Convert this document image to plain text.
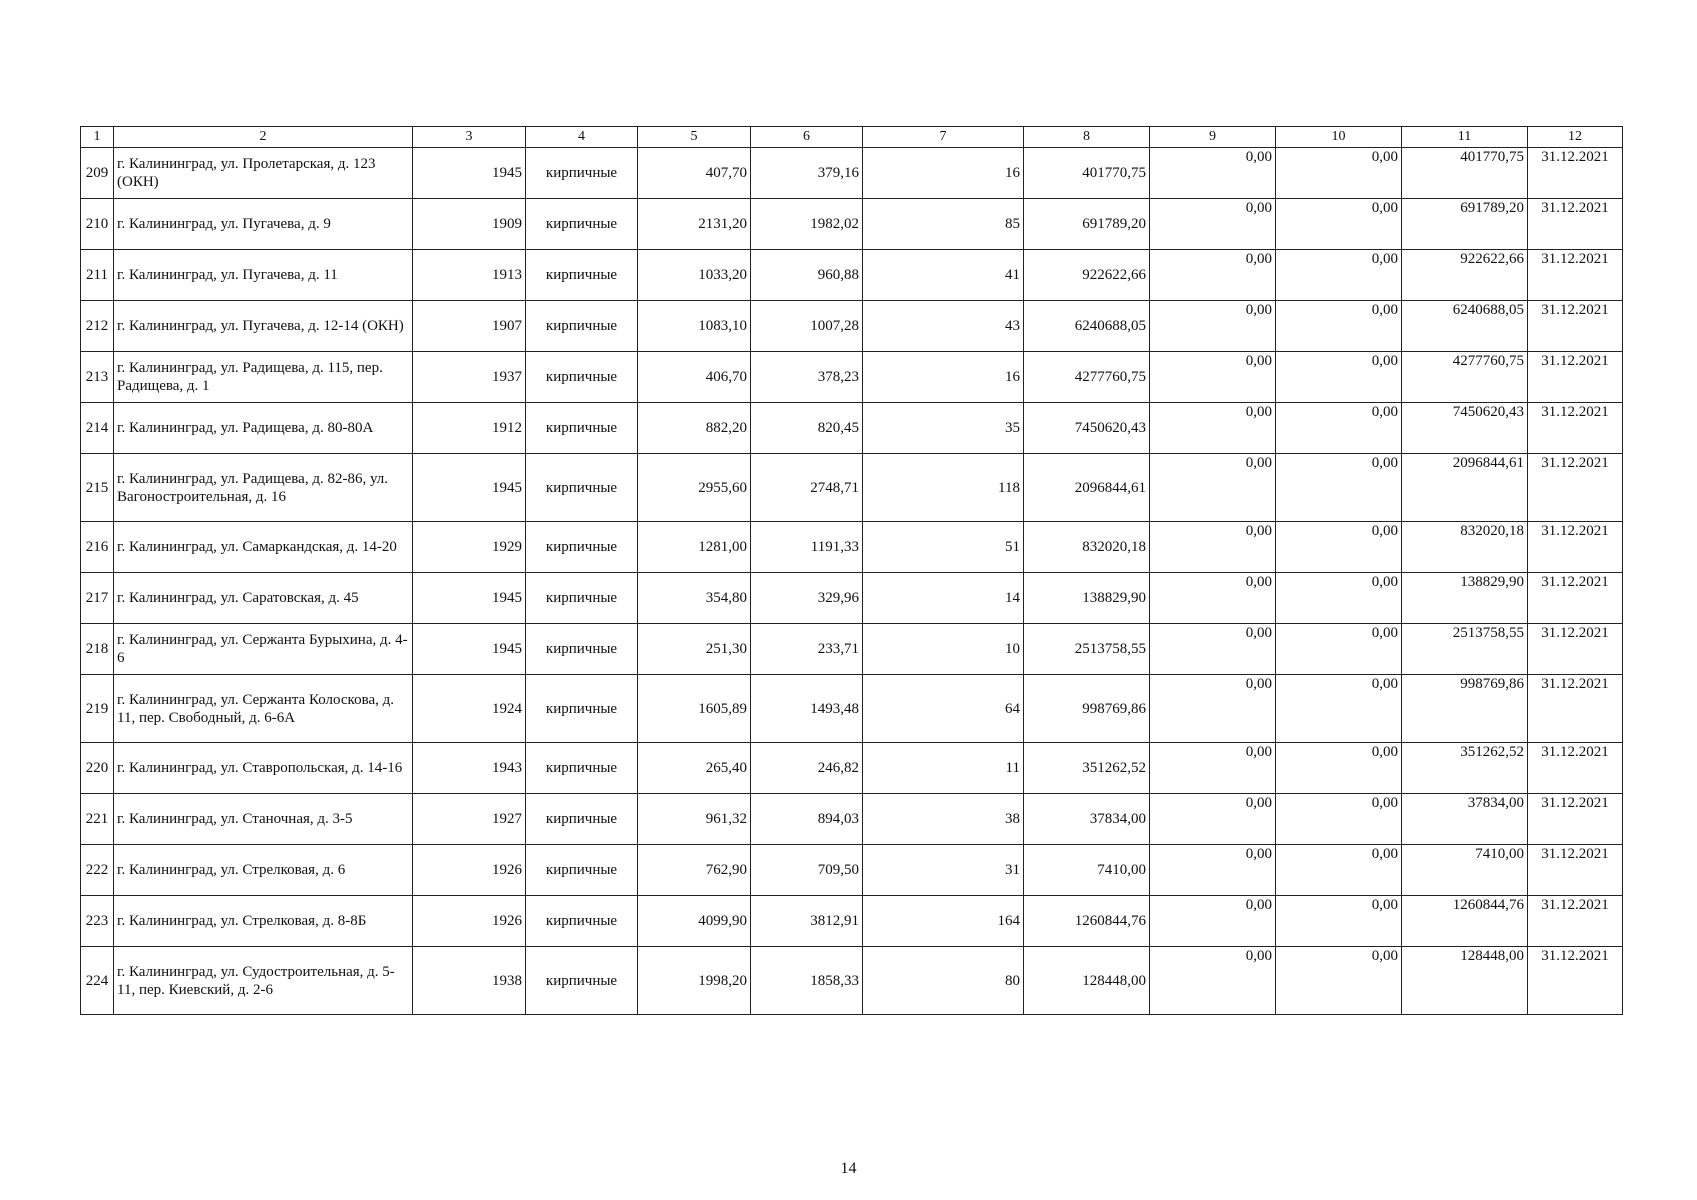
1	2	3	4	5	6	7	8	9	10	11	12
209	г. Калининград, ул. Пролетарская, д. 123 (ОКН)	1945	кирпичные	407,70	379,16	16	401770,75	0,00	0,00	401770,75	31.12.2021
210	г. Калининград, ул. Пугачева, д. 9	1909	кирпичные	2131,20	1982,02	85	691789,20	0,00	0,00	691789,20	31.12.2021
211	г. Калининград, ул. Пугачева, д. 11	1913	кирпичные	1033,20	960,88	41	922622,66	0,00	0,00	922622,66	31.12.2021
212	г. Калининград, ул. Пугачева, д. 12-14 (ОКН)	1907	кирпичные	1083,10	1007,28	43	6240688,05	0,00	0,00	6240688,05	31.12.2021
213	г. Калининград, ул. Радищева, д. 115, пер. Радищева, д. 1	1937	кирпичные	406,70	378,23	16	4277760,75	0,00	0,00	4277760,75	31.12.2021
214	г. Калининград, ул. Радищева, д. 80-80А	1912	кирпичные	882,20	820,45	35	7450620,43	0,00	0,00	7450620,43	31.12.2021
215	г. Калининград, ул. Радищева, д. 82-86, ул. Вагоностроительная, д. 16	1945	кирпичные	2955,60	2748,71	118	2096844,61	0,00	0,00	2096844,61	31.12.2021
216	г. Калининград, ул. Самаркандская, д. 14-20	1929	кирпичные	1281,00	1191,33	51	832020,18	0,00	0,00	832020,18	31.12.2021
217	г. Калининград, ул. Саратовская, д. 45	1945	кирпичные	354,80	329,96	14	138829,90	0,00	0,00	138829,90	31.12.2021
218	г. Калининград, ул. Сержанта Бурыхина, д. 4-6	1945	кирпичные	251,30	233,71	10	2513758,55	0,00	0,00	2513758,55	31.12.2021
219	г. Калининград, ул. Сержанта Колоскова, д. 11, пер. Свободный, д. 6-6А	1924	кирпичные	1605,89	1493,48	64	998769,86	0,00	0,00	998769,86	31.12.2021
220	г. Калининград, ул. Ставропольская, д. 14-16	1943	кирпичные	265,40	246,82	11	351262,52	0,00	0,00	351262,52	31.12.2021
221	г. Калининград, ул. Станочная, д. 3-5	1927	кирпичные	961,32	894,03	38	37834,00	0,00	0,00	37834,00	31.12.2021
222	г. Калининград, ул. Стрелковая, д. 6	1926	кирпичные	762,90	709,50	31	7410,00	0,00	0,00	7410,00	31.12.2021
223	г. Калининград, ул. Стрелковая, д. 8-8Б	1926	кирпичные	4099,90	3812,91	164	1260844,76	0,00	0,00	1260844,76	31.12.2021
224	г. Калининград, ул. Судостроительная, д. 5-11, пер. Киевский, д. 2-6	1938	кирпичные	1998,20	1858,33	80	128448,00	0,00	0,00	128448,00	31.12.2021
14
